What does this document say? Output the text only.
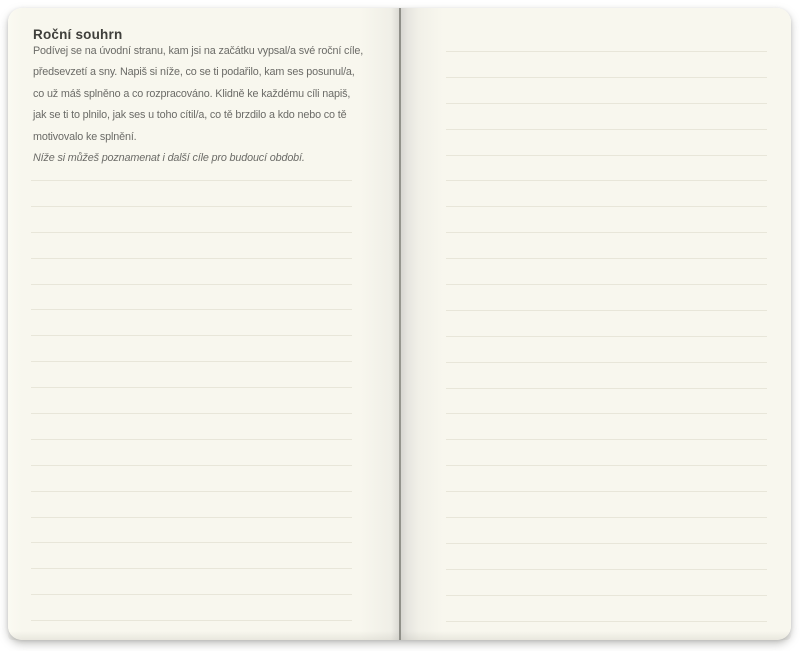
Roční souhrn
Podívej se na úvodní stranu, kam jsi na začátku vypsal/a své roční cíle,
předsevzetí a sny. Napiš si níže, co se ti podařilo, kam ses posunul/a,
co už máš splněno a co rozpracováno. Klidně ke každému cíli napiš,
jak se ti to plnilo, jak ses u toho cítil/a, co tě brzdilo a kdo nebo co tě
motivovalo ke splnění.
Níže si můžeš poznamenat i další cíle pro budoucí období.
